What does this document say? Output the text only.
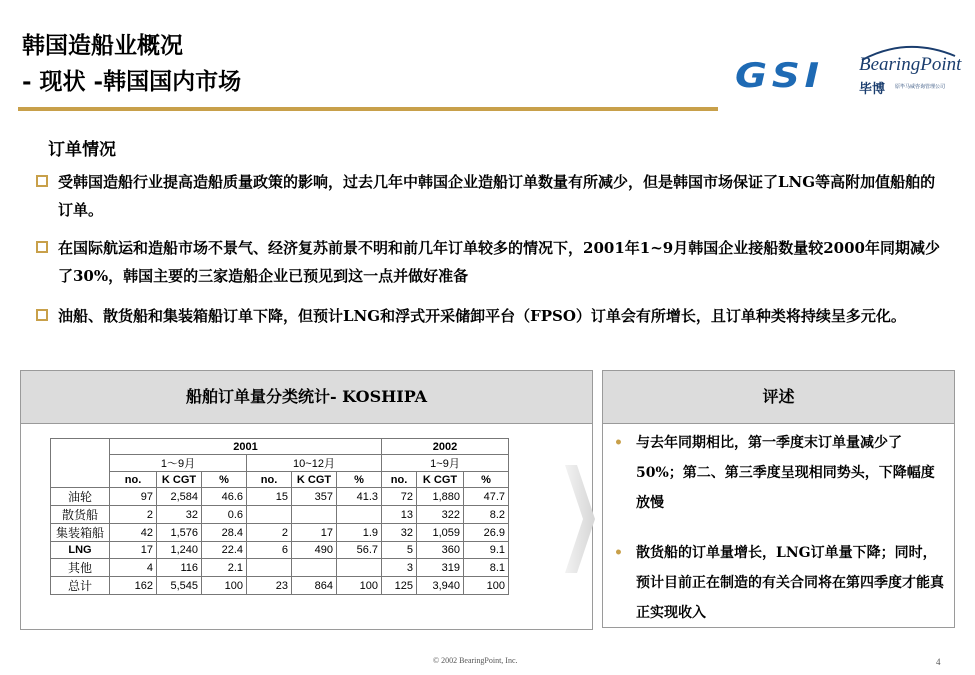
韩国造船业概况
- 现状 -韩国国内市场	GSI BearingPoint
毕博 原毕马威咨询管理公司
订单情况
受韩国造船行业提高造船质量政策的影响，过去几年中韩国企业造船订单数量有所减少，但是韩国市场保证了LNG等高附加值船舶的订单。
在国际航运和造船市场不景气、经济复苏前景不明和前几年订单较多的情况下，2001年1~9月韩国企业接船数量较2000年同期减少了30%，韩国主要的三家造船企业已预见到这一点并做好准备
油船、散货船和集装箱船订单下降，但预计LNG和浮式开采储卸平台（FPSO）订单会有所增长，且订单种类将持续呈多元化。
船舶订单量分类统计- KOSHIPA
	2001						2002		
	1～9月			10~12月			1~9月		
	no.	K CGT	%	no.	K CGT	%	no.	K CGT	%
油轮	97	2,584	46.6	15	357	41.3	72	1,880	47.7
散货船	2	32	0.6				13	322	8.2
集装箱船	42	1,576	28.4	2	17	1.9	32	1,059	26.9
LNG	17	1,240	22.4	6	490	56.7	5	360	9.1
其他	4	116	2.1				3	319	8.1
总计	162	5,545	100	23	864	100	125	3,940	100
评述
• 与去年同期相比，第一季度末订单量减少了50%；第二、第三季度呈现相同势头，下降幅度放慢
• 散货船的订单量增长，LNG订单量下降；同时，预计目前正在制造的有关合同将在第四季度才能真正实现收入
© 2002 BearingPoint, Inc.	4
